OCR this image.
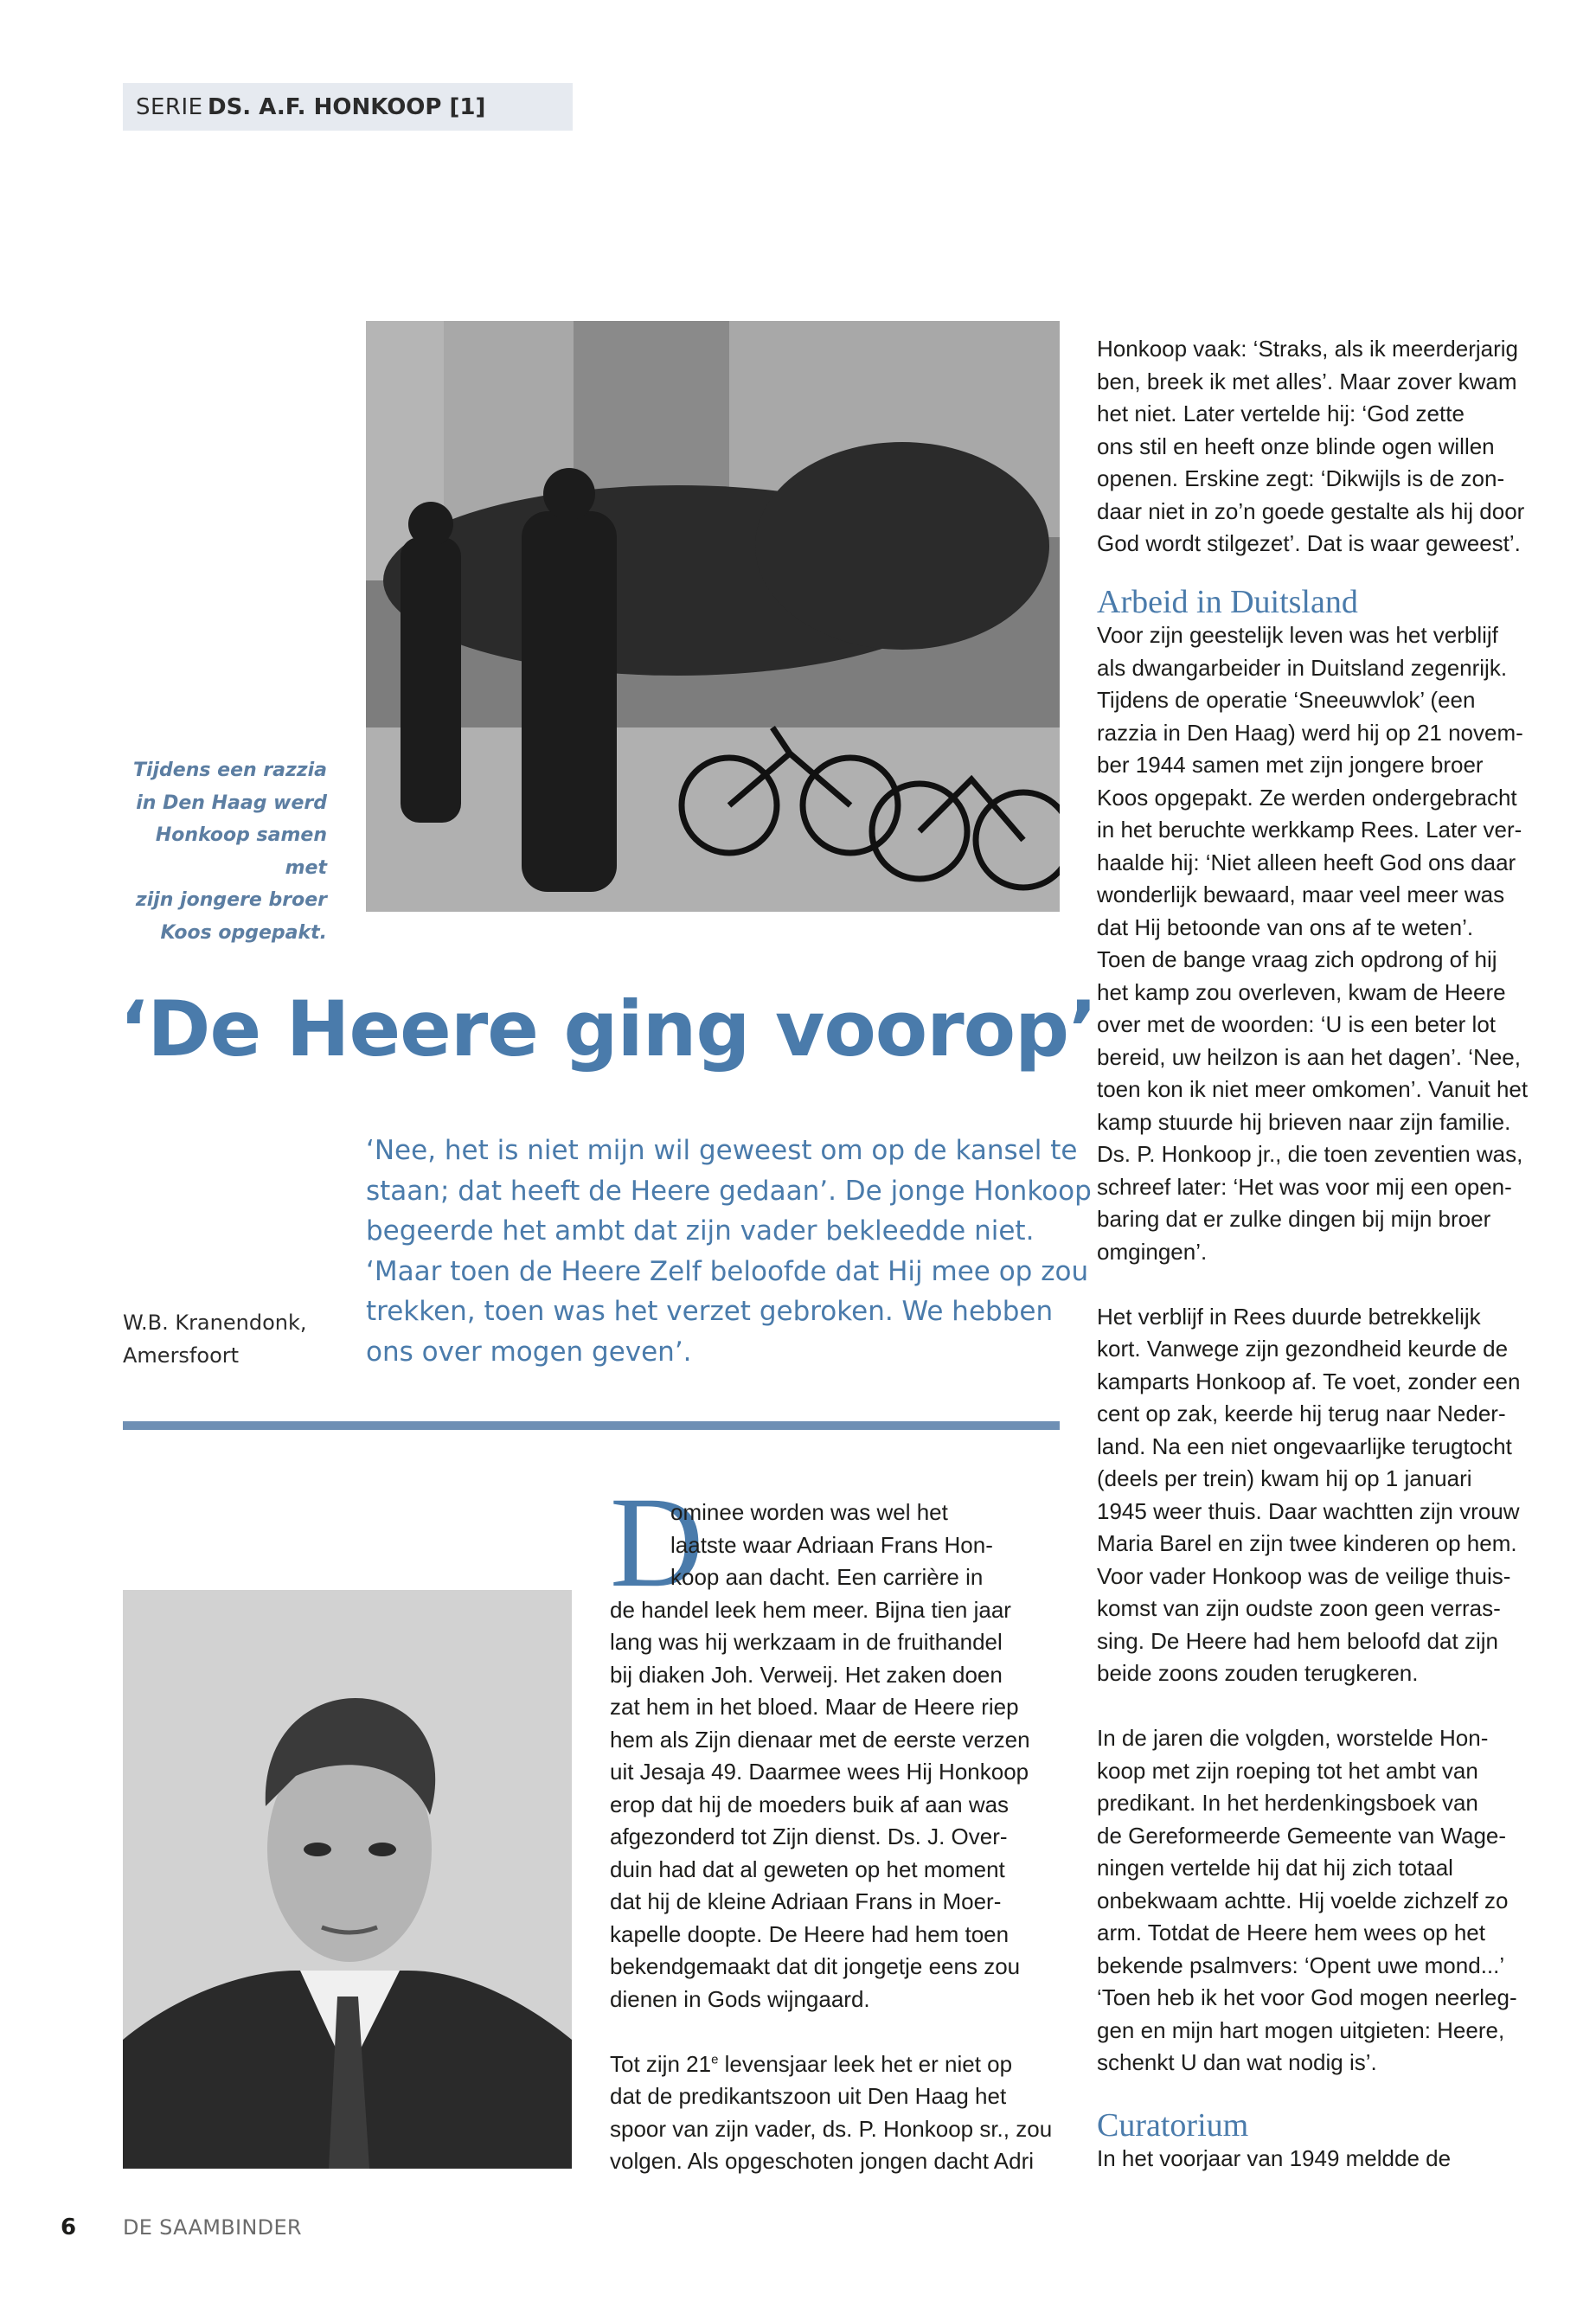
SERIE DS. A.F. HONKOOP [1]
Tijdens een razzia
in Den Haag werd
Honkoop samen met
zijn jongere broer
Koos opgepakt.
‘De Heere ging voorop’
‘Nee, het is niet mijn wil geweest om op de kansel te
staan; dat heeft de Heere gedaan’. De jonge Honkoop
begeerde het ambt dat zijn vader bekleedde niet.
‘Maar toen de Heere Zelf beloofde dat Hij mee op zou
trekken, toen was het verzet gebroken. We hebben
ons over mogen geven’.
W.B. Kranendonk,
Amersfoort
D
ominee worden was wel het
laatste waar Adriaan Frans Hon-
koop aan dacht. Een carrière in
de handel leek hem meer. Bijna tien jaar
lang was hij werkzaam in de fruithandel
bij diaken Joh. Verweij. Het zaken doen
zat hem in het bloed. Maar de Heere riep
hem als Zijn dienaar met de eerste verzen
uit Jesaja 49. Daarmee wees Hij Honkoop
erop dat hij de moeders buik af aan was
afgezonderd tot Zijn dienst. Ds. J. Over-
duin had dat al geweten op het moment
dat hij de kleine Adriaan Frans in Moer-
kapelle doopte. De Heere had hem toen
bekendgemaakt dat dit jongetje eens zou
dienen in Gods wijngaard.
Tot zijn 21e levensjaar leek het er niet op
dat de predikantszoon uit Den Haag het
spoor van zijn vader, ds. P. Honkoop sr., zou
volgen. Als opgeschoten jongen dacht Adri
Honkoop vaak: ‘Straks, als ik meerderjarig
ben, breek ik met alles’. Maar zover kwam
het niet. Later vertelde hij: ‘God zette
ons stil en heeft onze blinde ogen willen
openen. Erskine zegt: ‘Dikwijls is de zon-
daar niet in zo’n goede gestalte als hij door
God wordt stilgezet’. Dat is waar geweest’.
Arbeid in Duitsland
Voor zijn geestelijk leven was het verblijf
als dwangarbeider in Duitsland zegenrijk.
Tijdens de operatie ‘Sneeuwvlok’ (een
razzia in Den Haag) werd hij op 21 novem-
ber 1944 samen met zijn jongere broer
Koos opgepakt. Ze werden ondergebracht
in het beruchte werkkamp Rees. Later ver-
haalde hij: ‘Niet alleen heeft God ons daar
wonderlijk bewaard, maar veel meer was
dat Hij betoonde van ons af te weten’.
Toen de bange vraag zich opdrong of hij
het kamp zou overleven, kwam de Heere
over met de woorden: ‘U is een beter lot
bereid, uw heilzon is aan het dagen’. ‘Nee,
toen kon ik niet meer omkomen’. Vanuit het
kamp stuurde hij brieven naar zijn familie.
Ds. P. Honkoop jr., die toen zeventien was,
schreef later: ‘Het was voor mij een open-
baring dat er zulke dingen bij mijn broer
omgingen’.
Het verblijf in Rees duurde betrekkelijk
kort. Vanwege zijn gezondheid keurde de
kamparts Honkoop af. Te voet, zonder een
cent op zak, keerde hij terug naar Neder-
land. Na een niet ongevaarlijke terugtocht
(deels per trein) kwam hij op 1 januari
1945 weer thuis. Daar wachtten zijn vrouw
Maria Barel en zijn twee kinderen op hem.
Voor vader Honkoop was de veilige thuis-
komst van zijn oudste zoon geen verras-
sing. De Heere had hem beloofd dat zijn
beide zoons zouden terugkeren.
In de jaren die volgden, worstelde Hon-
koop met zijn roeping tot het ambt van
predikant. In het herdenkingsboek van
de Gereformeerde Gemeente van Wage-
ningen vertelde hij dat hij zich totaal
onbekwaam achtte. Hij voelde zichzelf zo
arm. Totdat de Heere hem wees op het
bekende psalmvers: ‘Opent uwe mond...’
‘Toen heb ik het voor God mogen neerleg-
gen en mijn hart mogen uitgieten: Heere,
schenkt U dan wat nodig is’.
Curatorium
In het voorjaar van 1949 meldde de
6 DE SAAMBINDER
